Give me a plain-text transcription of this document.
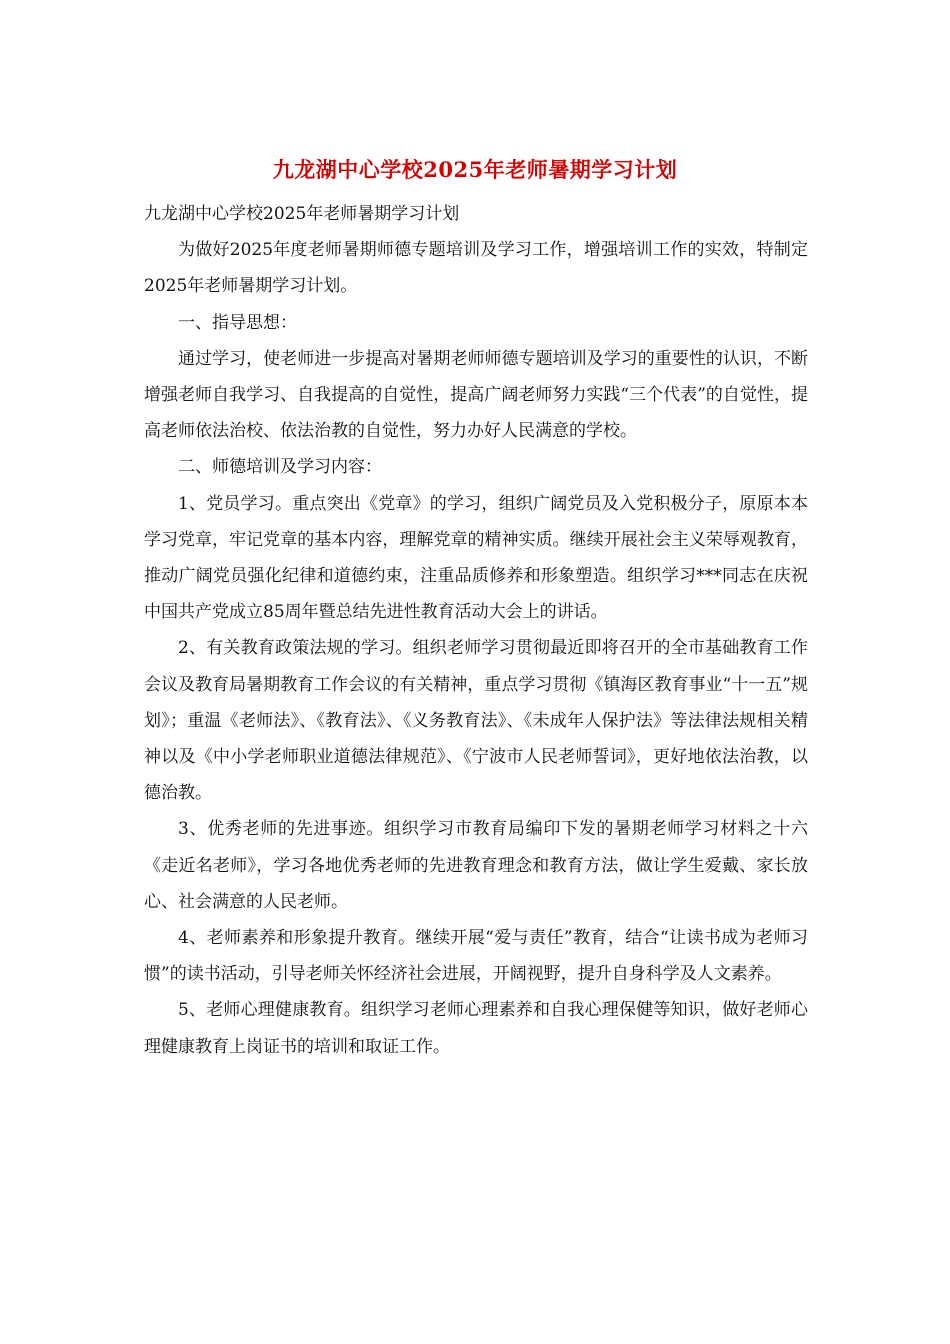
九龙湖中心学校2025年老师暑期学习计划

九龙湖中心学校2025年老师暑期学习计划

为做好2025年度老师暑期师德专题培训及学习工作，增强培训工作的实效，特制定2025年老师暑期学习计划。

一、指导思想：

通过学习，使老师进一步提高对暑期老师师德专题培训及学习的重要性的认识，不断增强老师自我学习、自我提高的自觉性，提高广阔老师努力实践“三个代表”的自觉性，提高老师依法治校、依法治教的自觉性，努力办好人民满意的学校。

二、师德培训及学习内容：

1、党员学习。重点突出《党章》的学习，组织广阔党员及入党积极分子，原原本本学习党章，牢记党章的基本内容，理解党章的精神实质。继续开展社会主义荣辱观教育，推动广阔党员强化纪律和道德约束，注重品质修养和形象塑造。组织学习***同志在庆祝中国共产党成立85周年暨总结先进性教育活动大会上的讲话。

2、有关教育政策法规的学习。组织老师学习贯彻最近即将召开的全市基础教育工作会议及教育局暑期教育工作会议的有关精神，重点学习贯彻《镇海区教育事业“十一五”规划》；重温《老师法》、《教育法》、《义务教育法》、《未成年人保护法》等法律法规相关精神以及《中小学老师职业道德法律规范》、《宁波市人民老师誓词》，更好地依法治教，以德治教。

3、优秀老师的先进事迹。组织学习市教育局编印下发的暑期老师学习材料之十六《走近名老师》，学习各地优秀老师的先进教育理念和教育方法，做让学生爱戴、家长放心、社会满意的人民老师。

4、老师素养和形象提升教育。继续开展“爱与责任”教育，结合“让读书成为老师习惯”的读书活动，引导老师关怀经济社会进展，开阔视野，提升自身科学及人文素养。

5、老师心理健康教育。组织学习老师心理素养和自我心理保健等知识，做好老师心理健康教育上岗证书的培训和取证工作。
